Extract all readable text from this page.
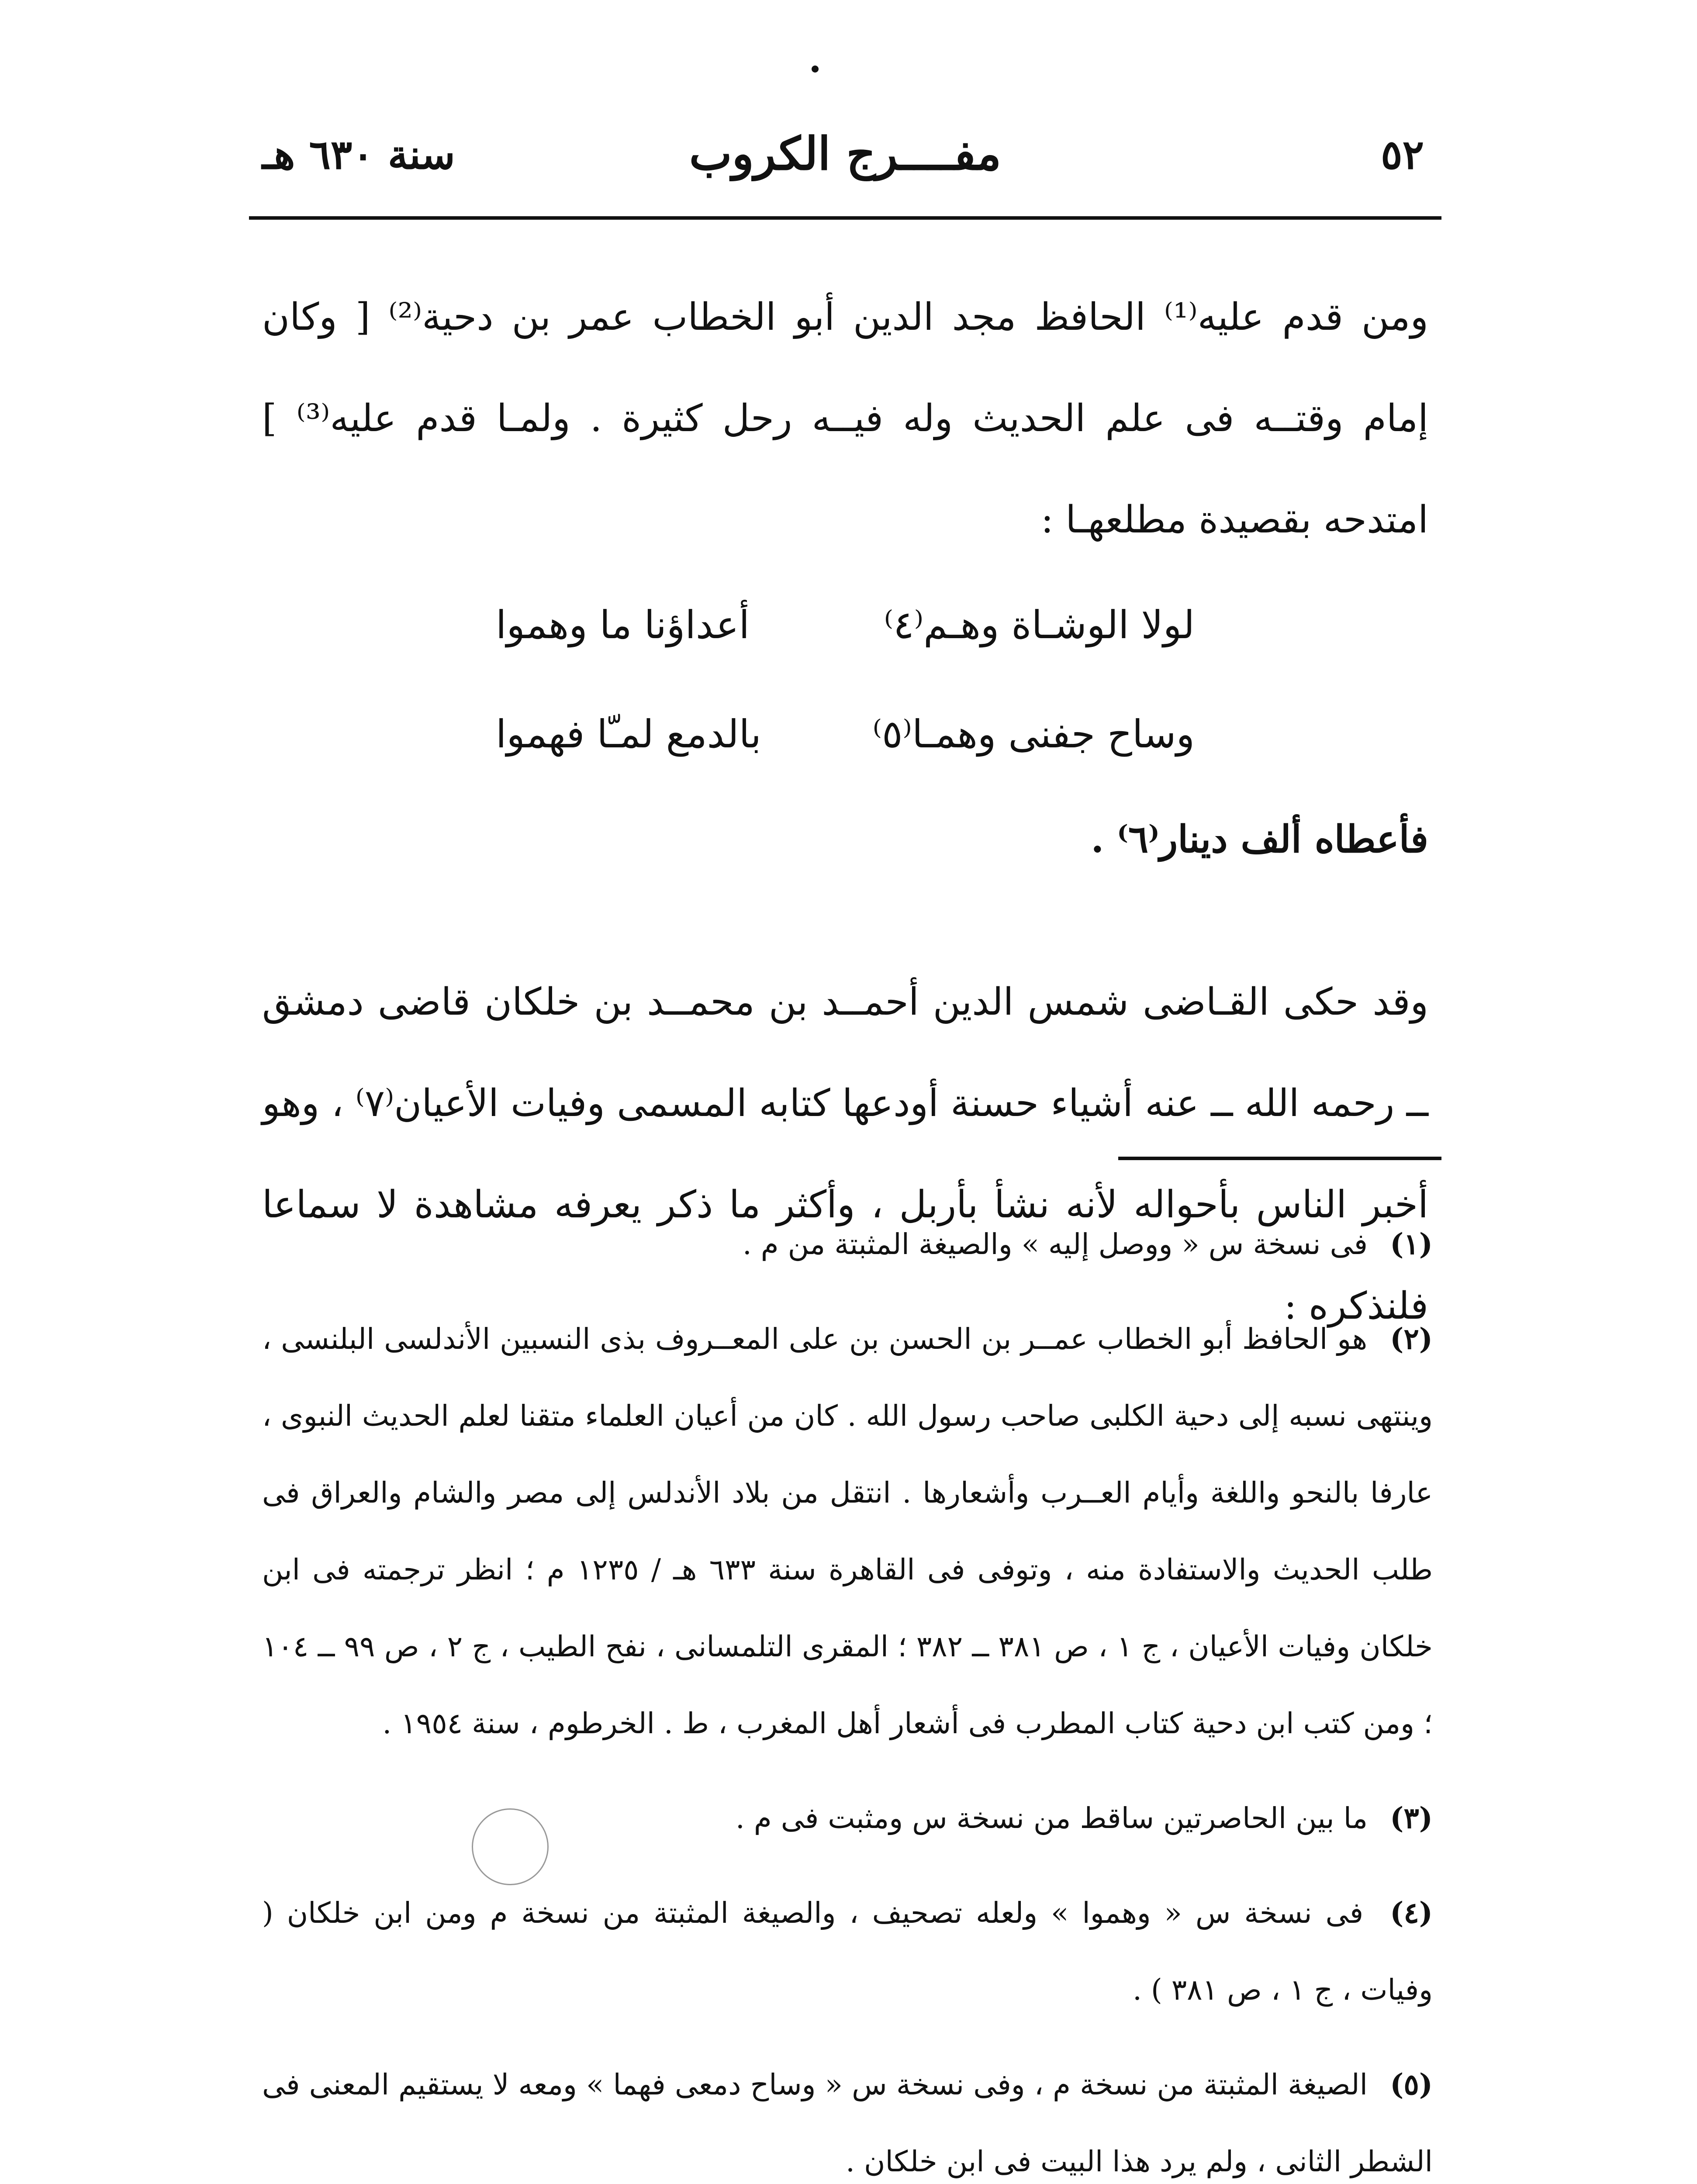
٥٢
مفــــرج الكروب
سنة ٦٣٠ هـ

ومن قدم عليه⁽¹⁾ الحافظ مجد الدين أبو الخطاب عمر بن دحية⁽²⁾ [ وكان إمام وقتــه فى علم الحديث وله فيــه رحل كثيرة . ولمـا قدم عليه⁽³⁾ ] امتدحه بقصيدة مطلعهـا :

لولا الوشـاة وهـم⁽٤⁾
أعداؤنا ما وهموا
وساح جفنى وهمـا⁽٥⁾
بالدمع لمـّا فهموا

فأعطاه ألف دينار⁽٦⁾ .

وقد حكى القـاضى شمس الدين أحمــد بن محمــد بن خلكان قاضى دمشق ــ رحمه الله ــ عنه أشياء حسنة أودعها كتابه المسمى وفيات الأعيان⁽٧⁾ ، وهو أخبر الناس بأحواله لأنه نشأ بأربل ، وأكثر ما ذكر يعرفه مشاهدة لا سماعا فلنذكره :

(١) فى نسخة س « ووصل إليه » والصيغة المثبتة من م .

(٢) هو الحافظ أبو الخطاب عمــر بن الحسن بن على المعــروف بذى النسبين الأندلسى البلنسى ، وينتهى نسبه إلى دحية الكلبى صاحب رسول الله . كان من أعيان العلماء متقنا لعلم الحديث النبوى ، عارفا بالنحو واللغة وأيام العــرب وأشعارها . انتقل من بلاد الأندلس إلى مصر والشام والعراق فى طلب الحديث والاستفادة منه ، وتوفى فى القاهرة سنة ٦٣٣ هـ / ١٢٣٥ م ؛ انظر ترجمته فى ابن خلكان وفيات الأعيان ، ج ١ ، ص ٣٨١ ــ ٣٨٢ ؛ المقرى التلمسانى ، نفح الطيب ، ج ٢ ، ص ٩٩ ــ ١٠٤ ؛ ومن كتب ابن دحية كتاب المطرب فى أشعار أهل المغرب ، ط . الخرطوم ، سنة ١٩٥٤ .

(٣) ما بين الحاصرتين ساقط من نسخة س ومثبت فى م .

(٤) فى نسخة س « وهموا » ولعله تصحيف ، والصيغة المثبتة من نسخة م ومن ابن خلكان ( وفيات ، ج ١ ، ص ٣٨١ ) .

(٥) الصيغة المثبتة من نسخة م ، وفى نسخة س « وساح دمعى فهما » ومعه لا يستقيم المعنى فى الشطر الثانى ، ولم يرد هذا البيت فى ابن خلكان .
